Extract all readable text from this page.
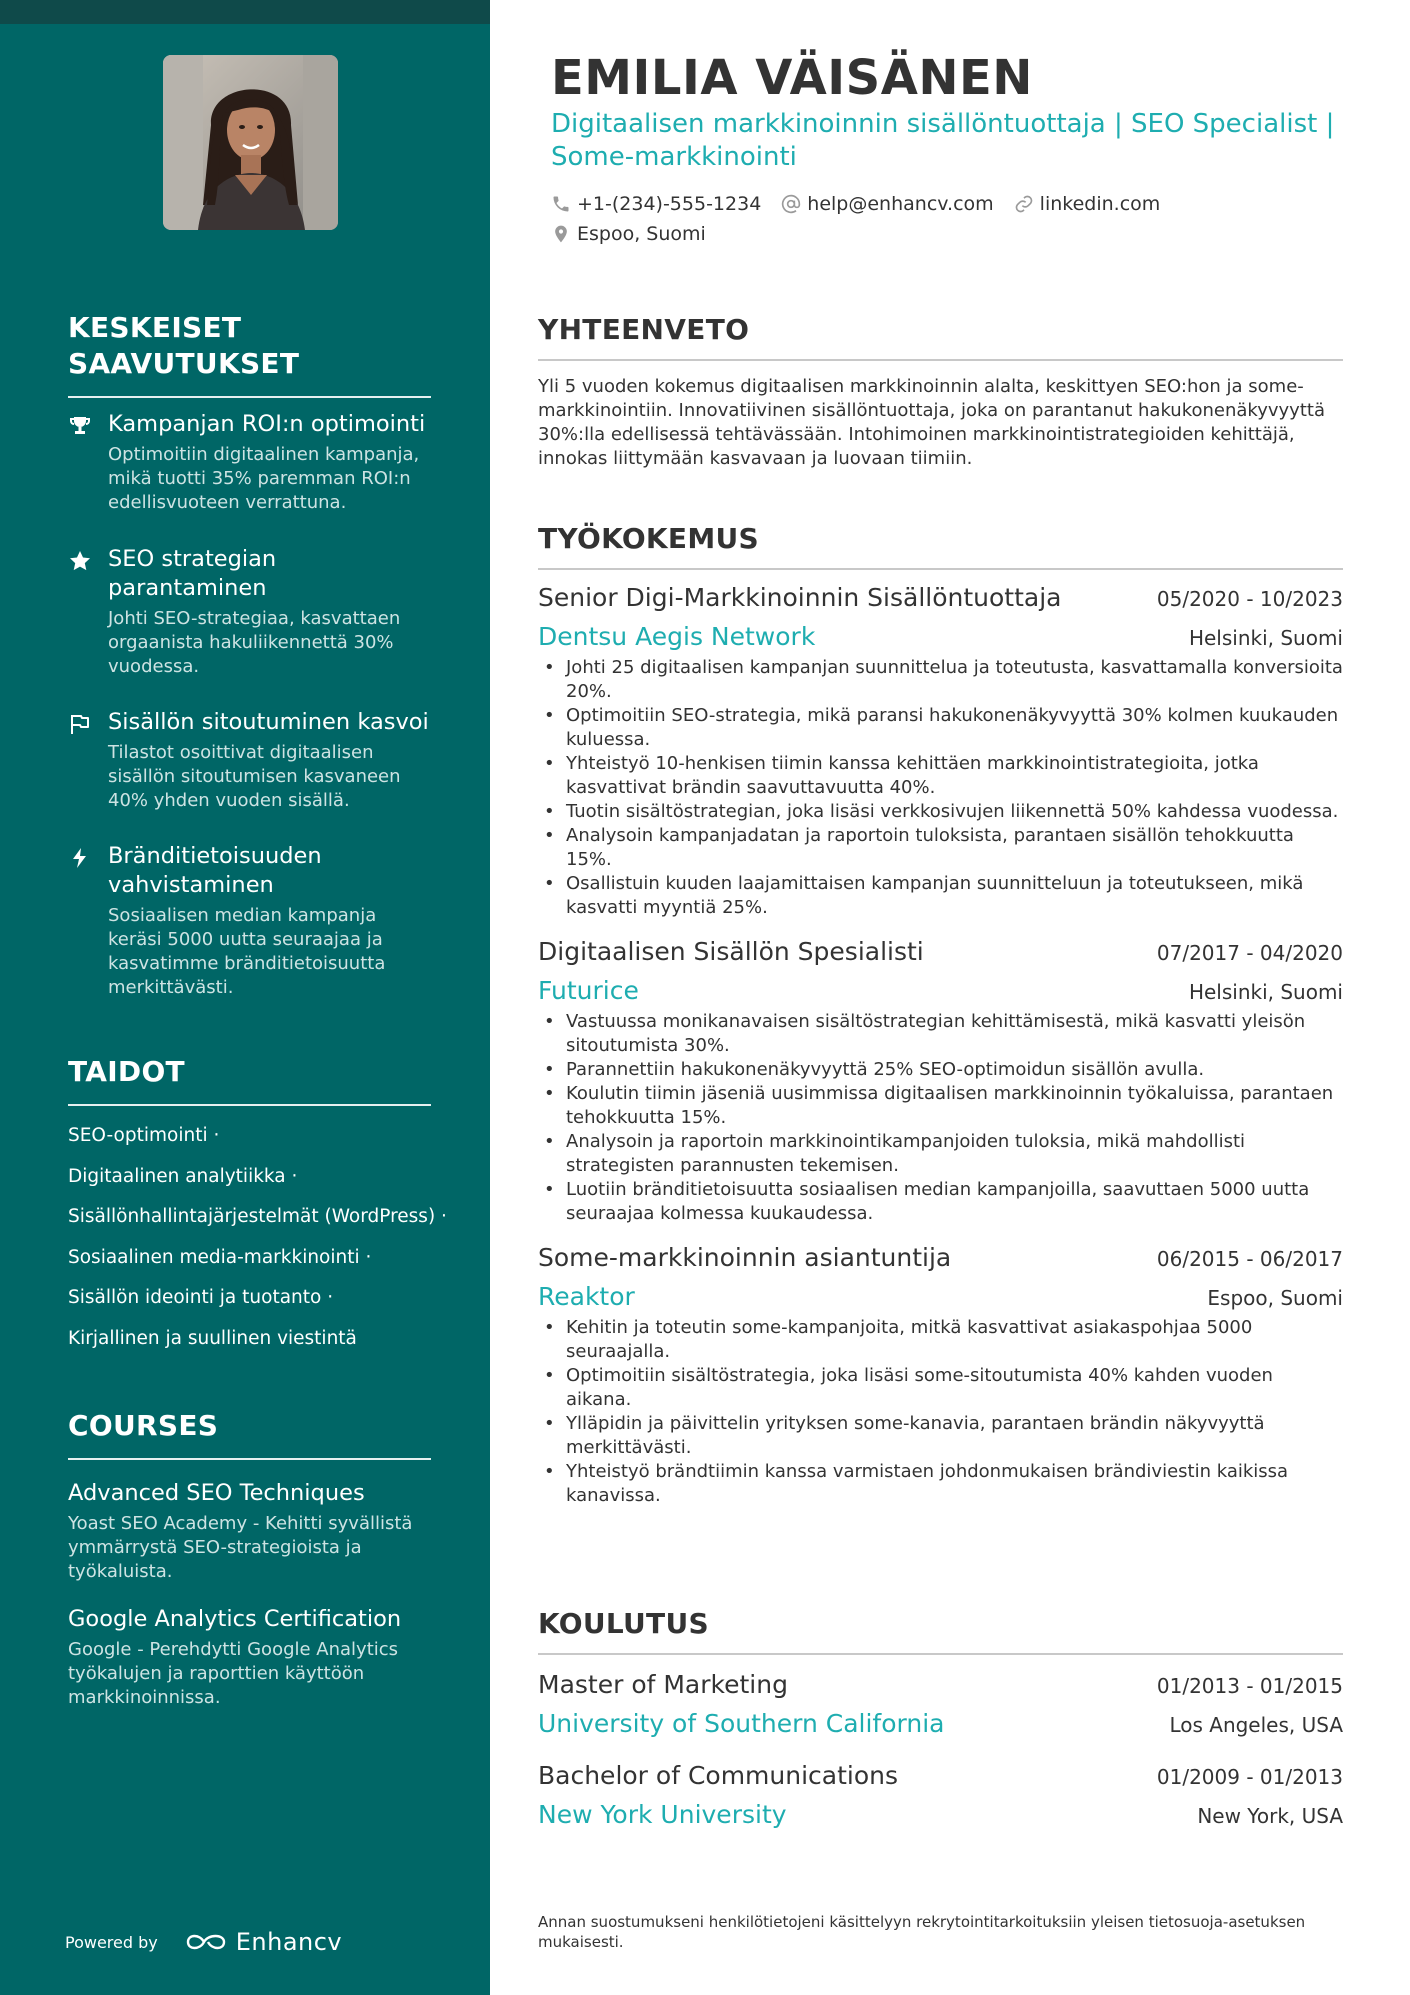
KESKEISET SAAVUTUKSET
Kampanjan ROI:n optimointi
Optimoitiin digitaalinen kampanja, mikä tuotti 35% paremman ROI:n edellisvuoteen verrattuna.
SEO strategian parantaminen
Johti SEO-strategiaa, kasvattaen orgaanista hakuliikennettä 30% vuodessa.
Sisällön sitoutuminen kasvoi
Tilastot osoittivat digitaalisen sisällön sitoutumisen kasvaneen 40% yhden vuoden sisällä.
Bränditietoisuuden vahvistaminen
Sosiaalisen median kampanja keräsi 5000 uutta seuraajaa ja kasvatimme bränditietoisuutta merkittävästi.
TAIDOT
SEO-optimointi ·
Digitaalinen analytiikka ·
Sisällönhallintajärjestelmät (WordPress) ·
Sosiaalinen media-markkinointi ·
Sisällön ideointi ja tuotanto ·
Kirjallinen ja suullinen viestintä
COURSES
Advanced SEO Techniques
Yoast SEO Academy - Kehitti syvällistä ymmärrystä SEO-strategioista ja työkaluista.
Google Analytics Certification
Google - Perehdytti Google Analytics työkalujen ja raporttien käyttöön markkinoinnissa.
Powered by	Enhancv
EMILIA VÄISÄNEN
Digitaalisen markkinoinnin sisällöntuottaja | SEO Specialist | Some-markkinointi
+1-(234)-555-1234 help@enhancv.com linkedin.com
Espoo, Suomi
YHTEENVETO

Yli 5 vuoden kokemus digitaalisen markkinoinnin alalta, keskittyen SEO:hon ja some-markkinointiin. Innovatiivinen sisällöntuottaja, joka on parantanut hakukonenäkyvyyttä 30%:lla edellisessä tehtävässään. Intohimoinen markkinointistrategioiden kehittäjä, innokas liittymään kasvavaan ja luovaan tiimiin.

TYÖKOKEMUS
Senior Digi-Markkinoinnin Sisällöntuottaja	05/2020 - 10/2023
Dentsu Aegis Network	Helsinki, Suomi
• Johti 25 digitaalisen kampanjan suunnittelua ja toteutusta, kasvattamalla konversioita 20%.
• Optimoitiin SEO-strategia, mikä paransi hakukonenäkyvyyttä 30% kolmen kuukauden kuluessa.
• Yhteistyö 10-henkisen tiimin kanssa kehittäen markkinointistrategioita, jotka kasvattivat brändin saavuttavuutta 40%.
• Tuotin sisältöstrategian, joka lisäsi verkkosivujen liikennettä 50% kahdessa vuodessa.
• Analysoin kampanjadatan ja raportoin tuloksista, parantaen sisällön tehokkuutta 15%.
• Osallistuin kuuden laajamittaisen kampanjan suunnitteluun ja toteutukseen, mikä kasvatti myyntiä 25%.
Digitaalisen Sisällön Spesialisti	07/2017 - 04/2020
Futurice	Helsinki, Suomi
• Vastuussa monikanavaisen sisältöstrategian kehittämisestä, mikä kasvatti yleisön sitoutumista 30%.
• Parannettiin hakukonenäkyvyyttä 25% SEO-optimoidun sisällön avulla.
• Koulutin tiimin jäseniä uusimmissa digitaalisen markkinoinnin työkaluissa, parantaen tehokkuutta 15%.
• Analysoin ja raportoin markkinointikampanjoiden tuloksia, mikä mahdollisti strategisten parannusten tekemisen.
• Luotiin bränditietoisuutta sosiaalisen median kampanjoilla, saavuttaen 5000 uutta seuraajaa kolmessa kuukaudessa.
Some-markkinoinnin asiantuntija	06/2015 - 06/2017
Reaktor	Espoo, Suomi
• Kehitin ja toteutin some-kampanjoita, mitkä kasvattivat asiakaspohjaa 5000 seuraajalla.
• Optimoitiin sisältöstrategia, joka lisäsi some-sitoutumista 40% kahden vuoden aikana.
• Ylläpidin ja päivittelin yrityksen some-kanavia, parantaen brändin näkyvyyttä merkittävästi.
• Yhteistyö brändtiimin kanssa varmistaen johdonmukaisen brändiviestin kaikissa kanavissa.
KOULUTUS
Master of Marketing	01/2013 - 01/2015
University of Southern California	Los Angeles, USA
Bachelor of Communications	01/2009 - 01/2013
New York University	New York, USA

Annan suostumukseni henkilötietojeni käsittelyyn rekrytointitarkoituksiin yleisen tietosuoja-asetuksen mukaisesti.
